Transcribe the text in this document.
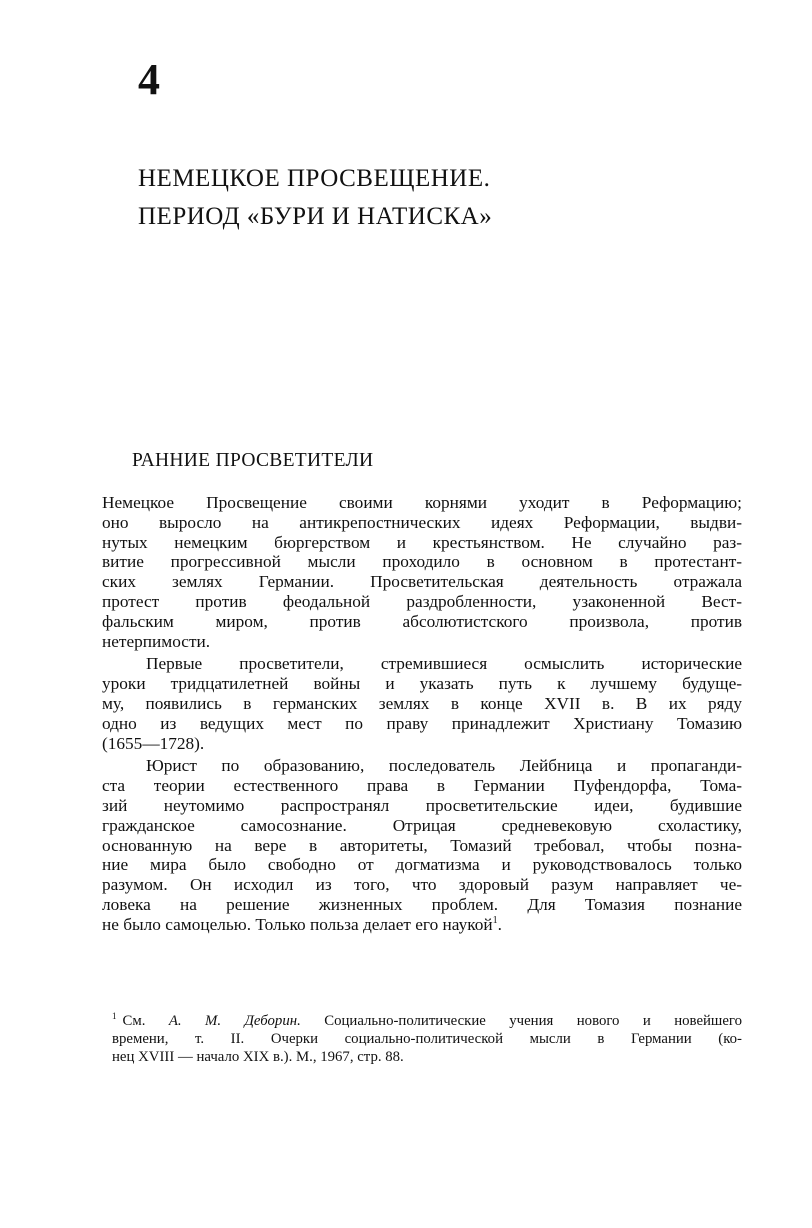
4
НЕМЕЦКОЕ ПРОСВЕЩЕНИЕ.
ПЕРИОД «БУРИ И НАТИСКА»
РАННИЕ ПРОСВЕТИТЕЛИ

Немецкое Просвещение своими корнями уходит в Реформацию;
оно выросло на антикрепостнических идеях Реформации, выдви-
нутых немецким бюргерством и крестьянством. Не случайно раз-
витие прогрессивной мысли проходило в основном в протестант-
ских землях Германии. Просветительская деятельность отражала
протест против феодальной раздробленности, узаконенной Вест-
фальским миром, против абсолютистского произвола, против
нетерпимости.

Первые просветители, стремившиеся осмыслить исторические
уроки тридцатилетней войны и указать путь к лучшему будуще-
му, появились в германских землях в конце XVII в. В их ряду
одно из ведущих мест по праву принадлежит Христиану Томазию
(1655—1728).

Юрист по образованию, последователь Лейбница и пропаганди-
ста теории естественного права в Германии Пуфендорфа, Тома-
зий неутомимо распространял просветительские идеи, будившие
гражданское самосознание. Отрицая средневековую схоластику,
основанную на вере в авторитеты, Томазий требовал, чтобы позна-
ние мира было свободно от догматизма и руководствовалось только
разумом. Он исходил из того, что здоровый разум направляет че-
ловека на решение жизненных проблем. Для Томазия познание
не было самоцелью. Только польза делает его наукой$^1$.

$^1$ См. А. М. Деборин. Социально-политические учения нового и новейшего
времени, т. II. Очерки социально-политической мысли в Германии (ко-
нец XVIII — начало XIX в.). М., 1967, стр. 88.
